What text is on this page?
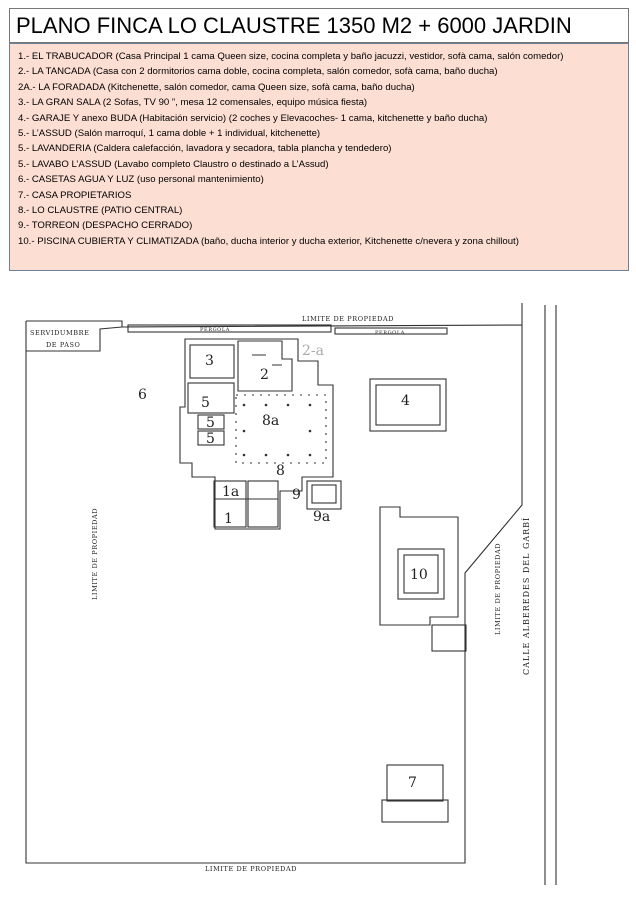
PLANO FINCA LO CLAUSTRE 1350 M2 + 6000 JARDIN
1.- EL TRABUCADOR (Casa Principal 1 cama Queen size, cocina completa y baño jacuzzi, vestidor, sofà cama, salón comedor)
2.- LA TANCADA (Casa con 2 dormitorios cama doble, cocina completa, salón comedor, sofà cama, baño ducha)
2A.- LA FORADADA (Kitchenette, salón comedor, cama Queen size, sofà cama, baño ducha)
3.- LA GRAN SALA (2 Sofas, TV 90 ”, mesa 12 comensales, equipo música fiesta)
4.- GARAJE Y anexo BUDA (Habitación servicio) (2 coches y Elevacoches- 1 cama, kitchenette y baño ducha)
5.- L’ASSUD (Salón marroquí, 1 cama doble + 1 individual, kitchenette)
5.- LAVANDERIA (Caldera calefacción, lavadora y secadora, tabla plancha y tendedero)
5.- LAVABO L’ASSUD (Lavabo completo Claustro o destinado a L’Assud)
6.- CASETAS AGUA Y LUZ (uso personal mantenimiento)
7.- CASA PROPIETARIOS
8.- LO CLAUSTRE (PATIO CENTRAL)
9.- TORREON (DESPACHO CERRADO)
10.- PISCINA CUBIERTA Y CLIMATIZADA (baño, ducha interior y ducha exterior, Kitchenette c/nevera y zona chillout)
LIMITE DE PROPIEDAD
LIMITE DE PROPIEDAD
SERVIDUMBRE
DE PASO
PERGOLA	PERGOLA
LIMITE DE PROPIEDAD	LIMITE DE PROPIEDAD	CALLE ALBEREDES DEL GARBÍ
3
2
2-a
5
5
5
6
8a
8
1a
1
9
9a
4
10
7
